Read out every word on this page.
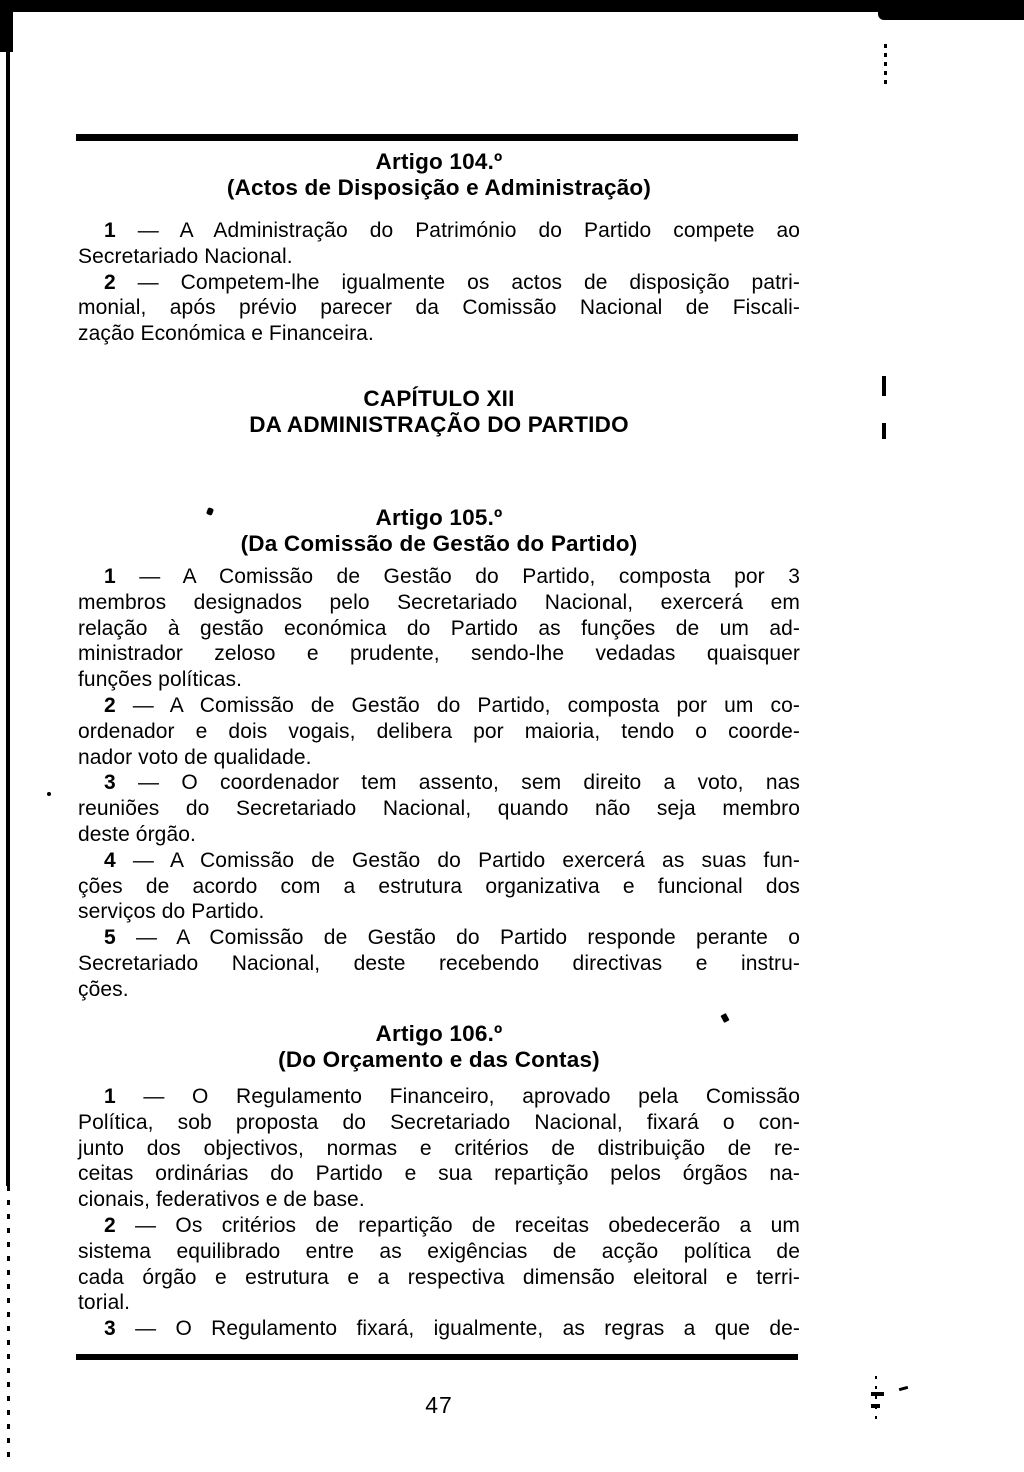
Artigo 104.º
(Actos de Disposição e Administração)
1 — A Administração do Património do Partido compete ao
Secretariado Nacional.
2 — Competem-lhe igualmente os actos de disposição patri-
monial, após prévio parecer da Comissão Nacional de Fiscali-
zação Económica e Financeira.
CAPÍTULO XII
DA ADMINISTRAÇÃO DO PARTIDO
Artigo 105.º
(Da Comissão de Gestão do Partido)
1 — A Comissão de Gestão do Partido, composta por 3
membros designados pelo Secretariado Nacional, exercerá em
relação à gestão económica do Partido as funções de um ad-
ministrador zeloso e prudente, sendo-lhe vedadas quaisquer
funções políticas.
2 — A Comissão de Gestão do Partido, composta por um co-
ordenador e dois vogais, delibera por maioria, tendo o coorde-
nador voto de qualidade.
3 — O coordenador tem assento, sem direito a voto, nas
reuniões do Secretariado Nacional, quando não seja membro
deste órgão.
4 — A Comissão de Gestão do Partido exercerá as suas fun-
ções de acordo com a estrutura organizativa e funcional dos
serviços do Partido.
5 — A Comissão de Gestão do Partido responde perante o
Secretariado Nacional, deste recebendo directivas e instru-
ções.
Artigo 106.º
(Do Orçamento e das Contas)
1 — O Regulamento Financeiro, aprovado pela Comissão
Política, sob proposta do Secretariado Nacional, fixará o con-
junto dos objectivos, normas e critérios de distribuição de re-
ceitas ordinárias do Partido e sua repartição pelos órgãos na-
cionais, federativos e de base.
2 — Os critérios de repartição de receitas obedecerão a um
sistema equilibrado entre as exigências de acção política de
cada órgão e estrutura e a respectiva dimensão eleitoral e terri-
torial.
3 — O Regulamento fixará, igualmente, as regras a que de-
47
